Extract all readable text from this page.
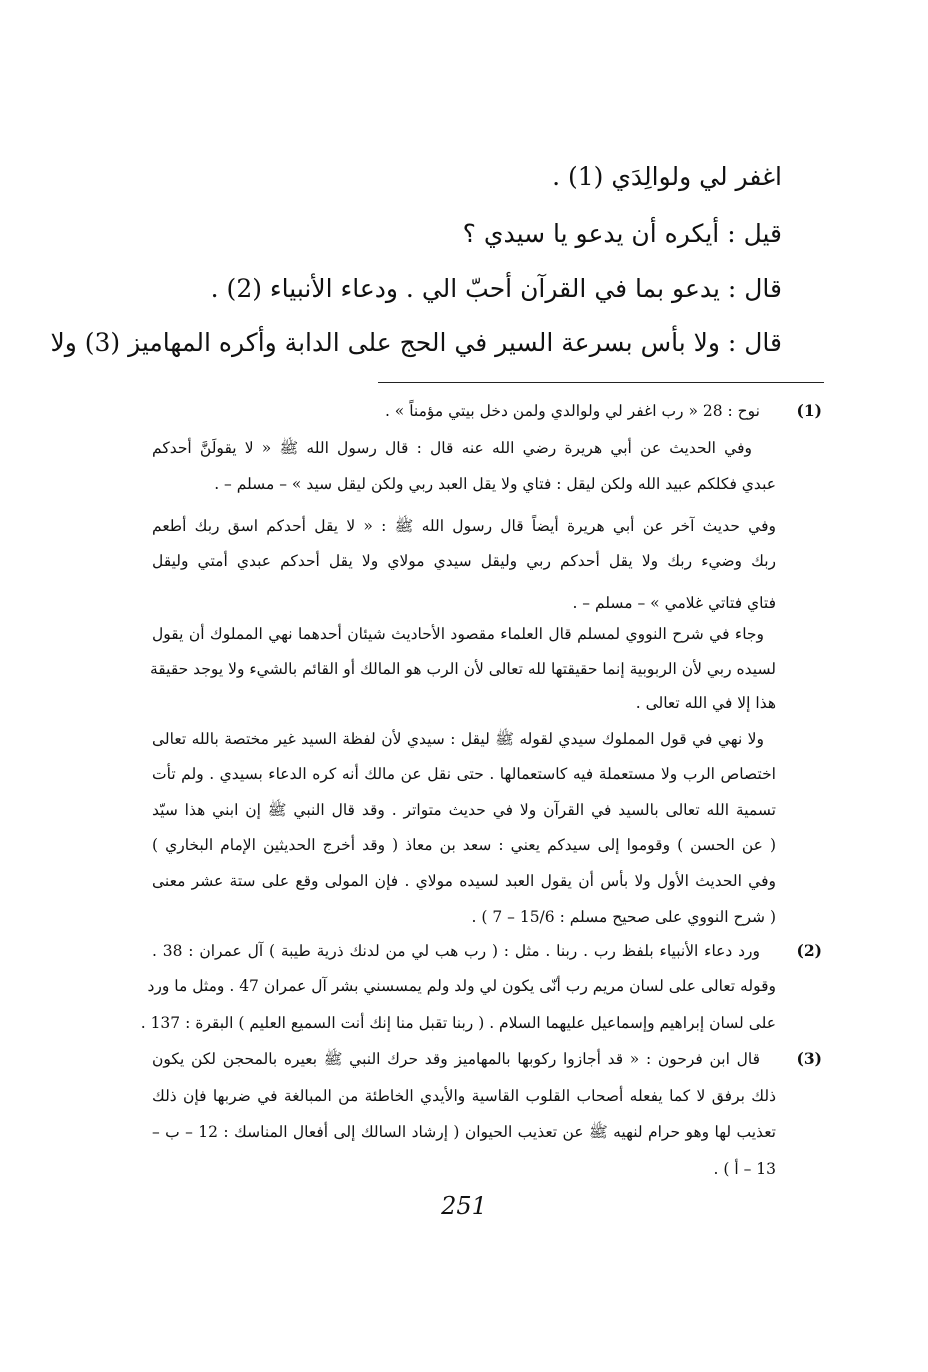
اغفر لي ولوالِدَي (1) .
قيل : أيكره أن يدعو يا سيدي ؟
قال : يدعو بما في القرآن أحبّ الي . ودعاء الأنبياء (2) .
قال : ولا بأس بسرعة السير في الحج على الدابة وأكره المهاميز (3) ولا
(1)
نوح : 28 « رب اغفر لي ولوالدي ولمن دخل بيتي مؤمناً » .
وفي الحديث عن أبي هريرة رضي الله عنه قال : قال رسول الله ﷺ « لا يقولَنَّ أحدكم
عبدي فكلكم عبيد الله ولكن ليقل : فتاي ولا يقل العبد ربي ولكن ليقل سيد » – مسلم – .
وفي حديث آخر عن أبي هريرة أيضاً قال رسول الله ﷺ : « لا يقل أحدكم اسق ربك أطعم
ربك وضيء ربك ولا يقل أحدكم ربي وليقل سيدي مولاي ولا يقل أحدكم عبدي أمتي وليقل
فتاي فتاتي غلامي » – مسلم – .
وجاء في شرح النووي لمسلم قال العلماء مقصود الأحاديث شيئان أحدهما نهي المملوك أن يقول
لسيده ربي لأن الربوبية إنما حقيقتها لله تعالى لأن الرب هو المالك أو القائم بالشيء ولا يوجد حقيقة
هذا إلا في الله تعالى .
ولا نهي في قول المملوك سيدي لقوله ﷺ ليقل : سيدي لأن لفظة السيد غير مختصة بالله تعالى
اختصاص الرب ولا مستعملة فيه كاستعمالها . حتى نقل عن مالك أنه كره الدعاء بسيدي . ولم تأت
تسمية الله تعالى بالسيد في القرآن ولا في حديث متواتر . وقد قال النبي ﷺ إن ابني هذا سيّد
( عن الحسن ) وقوموا إلى سيدكم يعني : سعد بن معاذ ( وقد أخرج الحديثين الإمام البخاري )
وفي الحديث الأول ولا بأس أن يقول العبد لسيده مولاي . فإن المولى وقع على ستة عشر معنى
( شرح النووي على صحيح مسلم : 15/6 – 7 ) .
(2)
ورد دعاء الأنبياء بلفظ رب . ربنا . مثل : ( رب هب لي من لدنك ذرية طيبة ) آل عمران : 38 .
وقوله تعالى على لسان مريم رب أنّى يكون لي ولد ولم يمسسني بشر آل عمران 47 . ومثل ما ورد
على لسان إبراهيم وإسماعيل عليهما السلام . ( ربنا تقبل منا إنك أنت السميع العليم ) البقرة : 137 .
(3)
قال ابن فرحون : « قد أجازوا ركوبها بالمهاميز وقد حرك النبي ﷺ بعيره بالمحجن لكن يكون
ذلك برفق لا كما يفعله أصحاب القلوب القاسية والأيدي الخاطئة من المبالغة في ضربها فإن ذلك
تعذيب لها وهو حرام لنهيه ﷺ عن تعذيب الحيوان ( إرشاد السالك إلى أفعال المناسك : 12 – ب –
13 – أ ) .
251
